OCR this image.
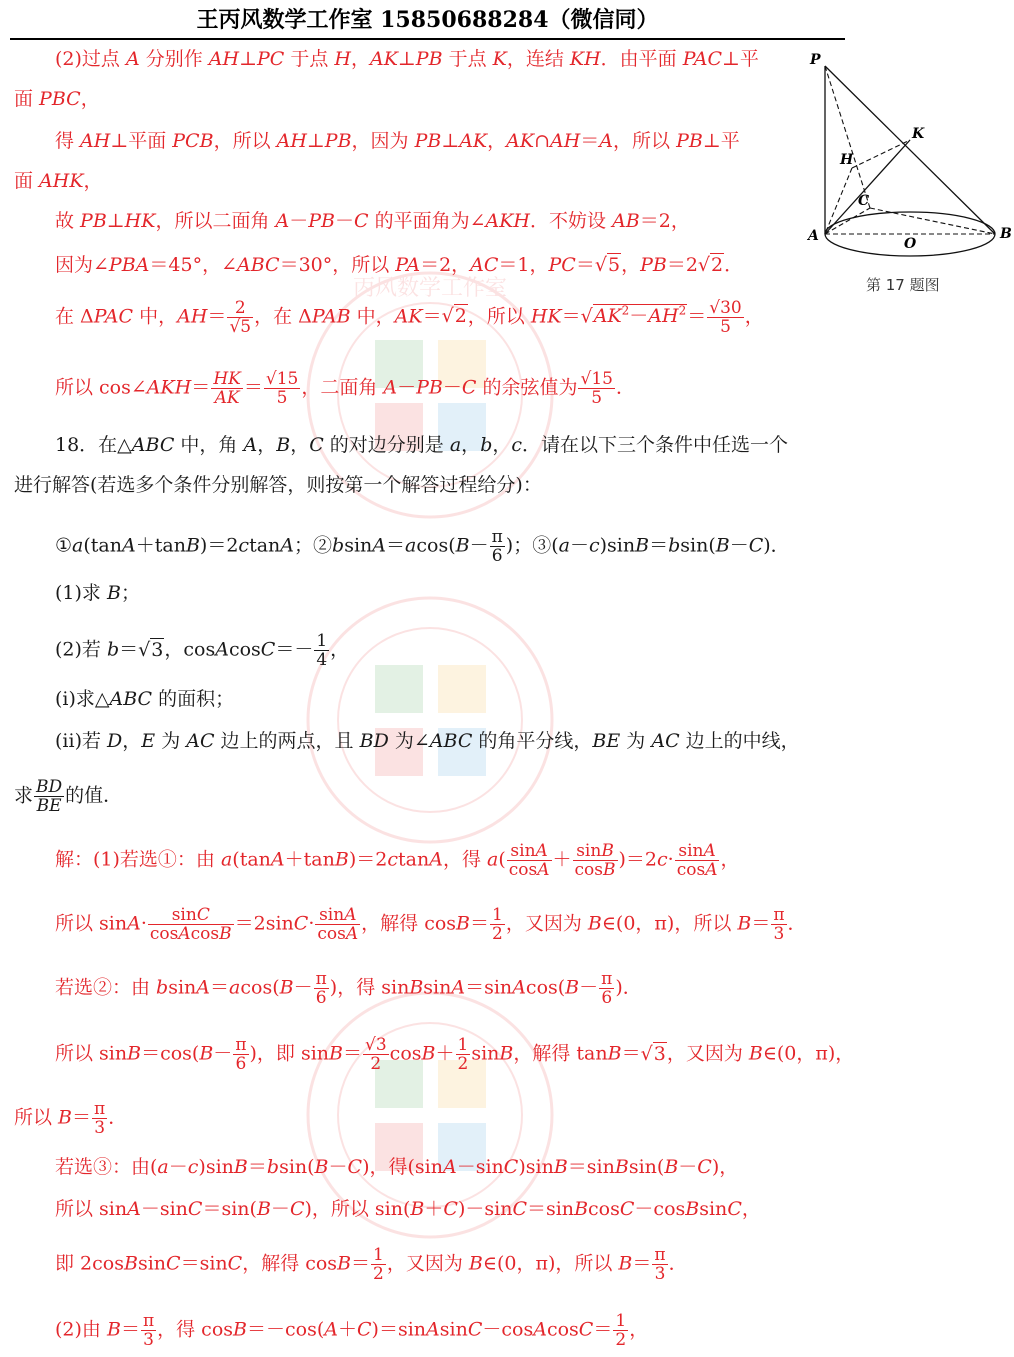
王丙风数学工作室 15850688284（微信同）
丙风数学工作室
P
K
H
C
A	O
B
第 17 题图
(2)过点 A 分别作 AH⊥PC 于点 H，AK⊥PB 于点 K，连结 KH．由平面 PAC⊥平
面 PBC，
得 AH⊥平面 PCB，所以 AH⊥PB，因为 PB⊥AK，AK∩AH＝A，所以 PB⊥平
面 AHK，
故 PB⊥HK，所以二面角 A－PB－C 的平面角为∠AKH．不妨设 AB＝2，
因为∠PBA＝45°，∠ABC＝30°，所以 PA＝2，AC＝1，PC＝√5，PB＝2√2．
在 ΔPAC 中，$AH= \frac{2}{√5}$ ，在 ΔPAB 中，AK＝√2，所以 $HK=√AK^2-AH^2= \frac{√30}{5}$ ，
所以 cos∠AKH＝ $\frac{HK}{AK} = \frac{√15}{5}$ ，二面角 A－PB－C 的余弦值为 $\frac{√15}{5}$ ．
18．在△ABC 中，角 A，B，C 的对边分别是 a，b，c．请在以下三个条件中任选一个
进行解答(若选多个条件分别解答，则按第一个解答过程给分)：
①a(tanA＋tanB)＝2ctanA；②bsinA＝acos(B－ $\frac{\pi}{6}$ )；③(a－c)sinB＝bsin(B－C)．
(1)求 B；
(2)若 b＝√3，cosAcosC＝－ $\frac{1}{4}$ ，
(i)求△ABC 的面积；
(ii)若 D，E 为 AC 边上的两点，且 BD 为∠ABC 的角平分线，BE 为 AC 边上的中线，
求 $\frac{BD}{BE}$ 的值．
解：(1)若选①：由 a(tanA＋tanB)＝2ctanA，得 $a( \frac{\sin A}{\cos A} + \frac{\sin B}{\cos B} )=2c\cdot \frac{\sin A}{\cos A}$ ，
所以 $\sin A\cdot \frac{\sin C}{\text{cosAcosB}} =2\sin C\cdot \frac{\sin A}{\cos A}$ ，解得 $\cos B= \frac{1}{2}$ ，又因为 B∈(0，π)，所以 $B= \frac{\pi}{3}$ ．
若选②：由 $bsinA=acos(B- \frac{\pi}{6}$ )，得 sinBsinA＝sinAcos(B－ $\frac{\pi}{6}$ )．
所以 $\sin B=\cos(B- \frac{\pi}{6}$ )，即 $\sin B= \frac{√3}{2} \cos B+ \frac{1}{2}$ sinB，解得 tanB＝√3，又因为 B∈(0，π)，
所以 $B= \frac{\pi}{3}$ ．
若选③：由(a－c)sinB＝bsin(B－C)，得(sinA－sinC)sinB＝sinBsin(B－C)，
所以 sinA－sinC＝sin(B－C)，所以 sin(B＋C)－sinC＝sinBcosC－cosBsinC，
即 2cosBsinC＝sinC，解得 $\cos B= \frac{1}{2}$ ，又因为 B∈(0，π)，所以 $B= \frac{\pi}{3}$ ．
(2)由 $B= \frac{\pi}{3}$ ，得 cosB＝－cos(A＋C)＝sinAsinC－cosAcosC＝ $\frac{1}{2}$ ，
